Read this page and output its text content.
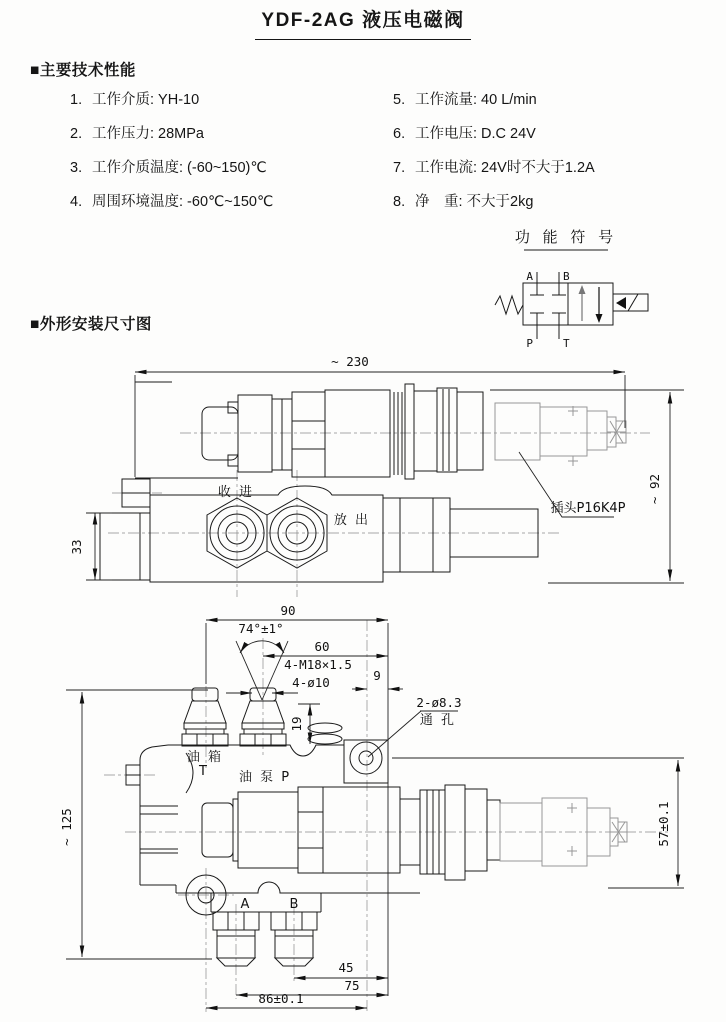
YDF-2AG 液压电磁阀
■主要技术性能
1. 工作介质: YH-10
2. 工作压力: 28MPa
3. 工作介质温度: (-60~150)℃
4. 周围环境温度: -60℃~150℃
5. 工作流量: 40 L/min
6. 工作电压: D.C 24V
7. 工作电流: 24V时不大于1.2A
8. 净　重: 不大于2kg
功 能 符 号
A	B
P	T
■外形安装尺寸图
~ 230
~ 92
33
收 进
放 出
插头P16K4P
90
74°±1°
60
4-M18×1.5
4-ø10	9
2-ø8.3
通 孔
19
~ 125	57±0.1
45
75
86±0.1
油 箱
T 油 泵 P
A	B
